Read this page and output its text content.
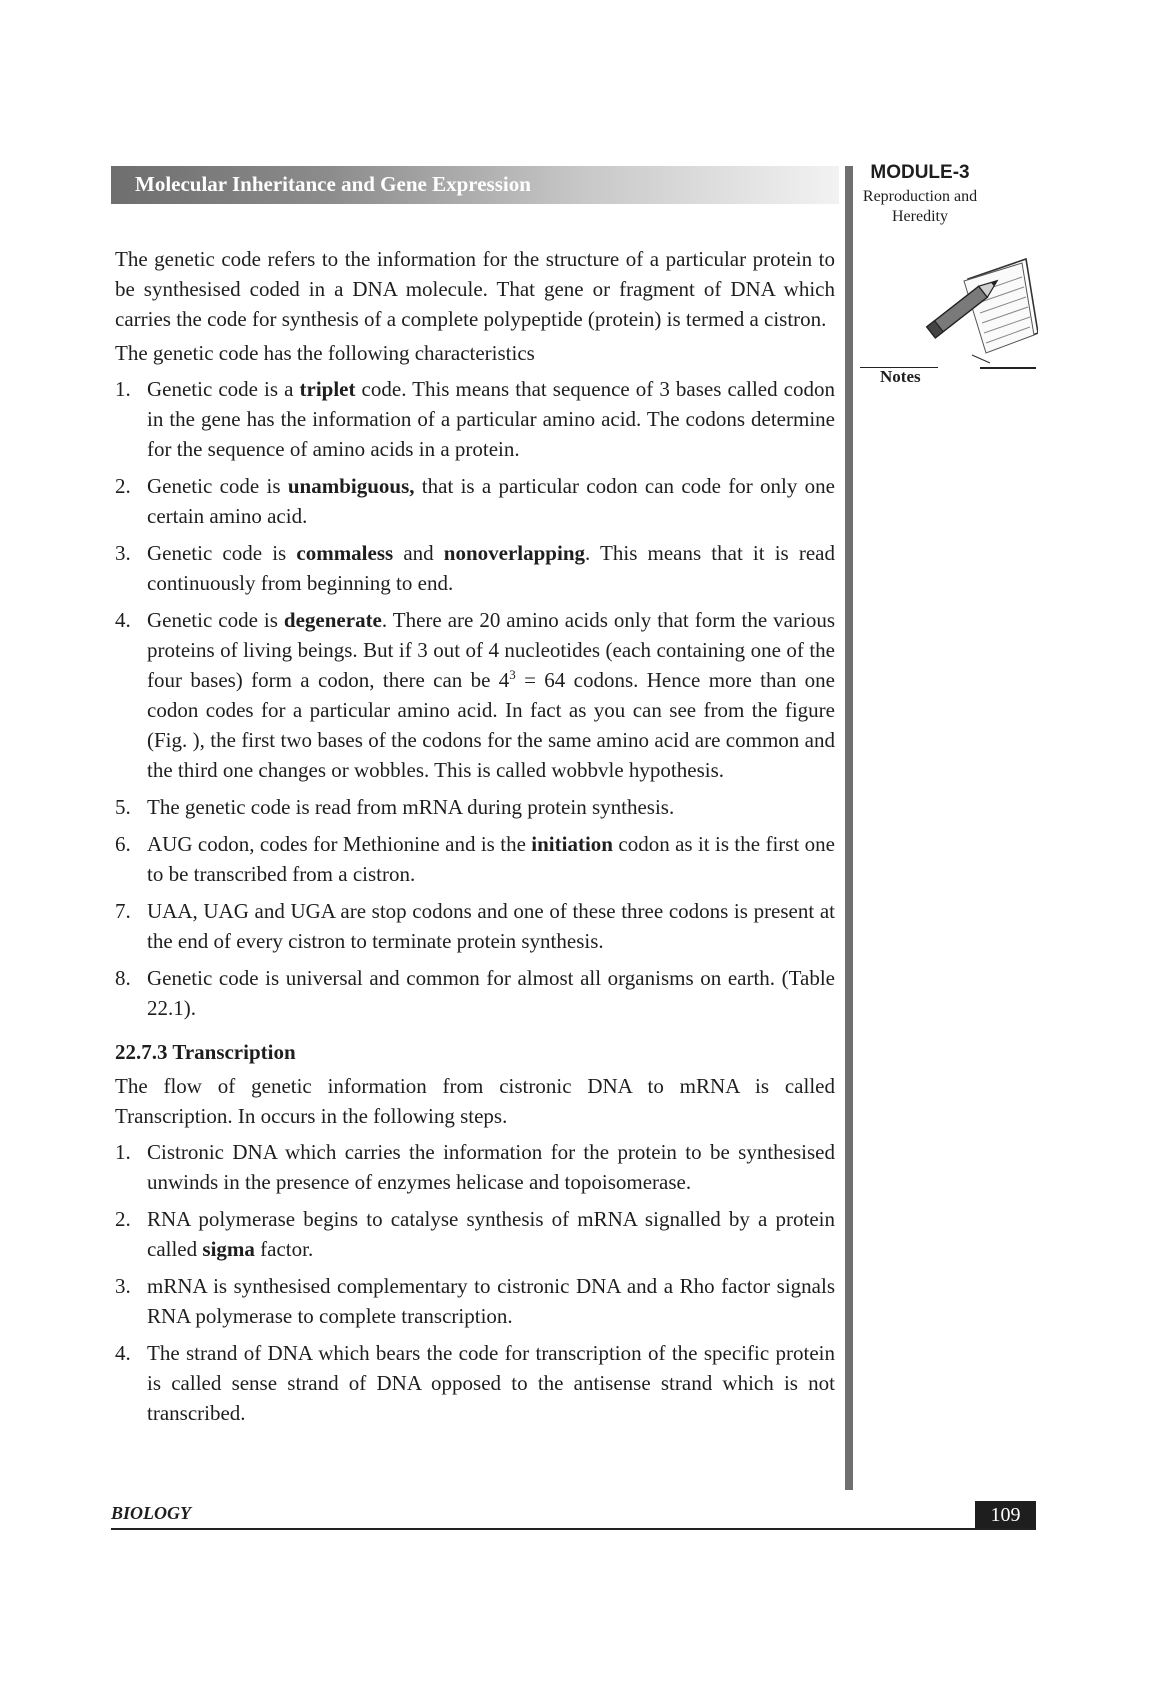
Molecular Inheritance and Gene Expression	MODULE-3
Reproduction and
Heredity
Notes

The genetic code refers to the information for the structure of a particular protein to be synthesised coded in a DNA molecule. That gene or fragment of DNA which carries the code for synthesis of a complete polypeptide (protein) is termed a cistron.

The genetic code has the following characteristics

1. Genetic code is a triplet code. This means that sequence of 3 bases called codon in the gene has the information of a particular amino acid. The codons determine for the sequence of amino acids in a protein.
2. Genetic code is unambiguous, that is a particular codon can code for only one certain amino acid.
3. Genetic code is commaless and nonoverlapping. This means that it is read continuously from beginning to end.
4. Genetic code is degenerate. There are 20 amino acids only that form the various proteins of living beings. But if 3 out of 4 nucleotides (each containing one of the four bases) form a codon, there can be $4^3 = 64$ codons. Hence more than one codon codes for a particular amino acid. In fact as you can see from the figure (Fig. ), the first two bases of the codons for the same amino acid are common and the third one changes or wobbles. This is called wobbvle hypothesis.
5. The genetic code is read from mRNA during protein synthesis.
6. AUG codon, codes for Methionine and is the initiation codon as it is the first one to be transcribed from a cistron.
7. UAA, UAG and UGA are stop codons and one of these three codons is present at the end of every cistron to terminate protein synthesis.
8. Genetic code is universal and common for almost all organisms on earth. (Table 22.1).

22.7.3 Transcription

The flow of genetic information from cistronic DNA to mRNA is called Transcription. In occurs in the following steps.

1. Cistronic DNA which carries the information for the protein to be synthesised unwinds in the presence of enzymes helicase and topoisomerase.
2. RNA polymerase begins to catalyse synthesis of mRNA signalled by a protein called sigma factor.
3. mRNA is synthesised complementary to cistronic DNA and a Rho factor signals RNA polymerase to complete transcription.
4. The strand of DNA which bears the code for transcription of the specific protein is called sense strand of DNA opposed to the antisense strand which is not transcribed.
BIOLOGY	109
